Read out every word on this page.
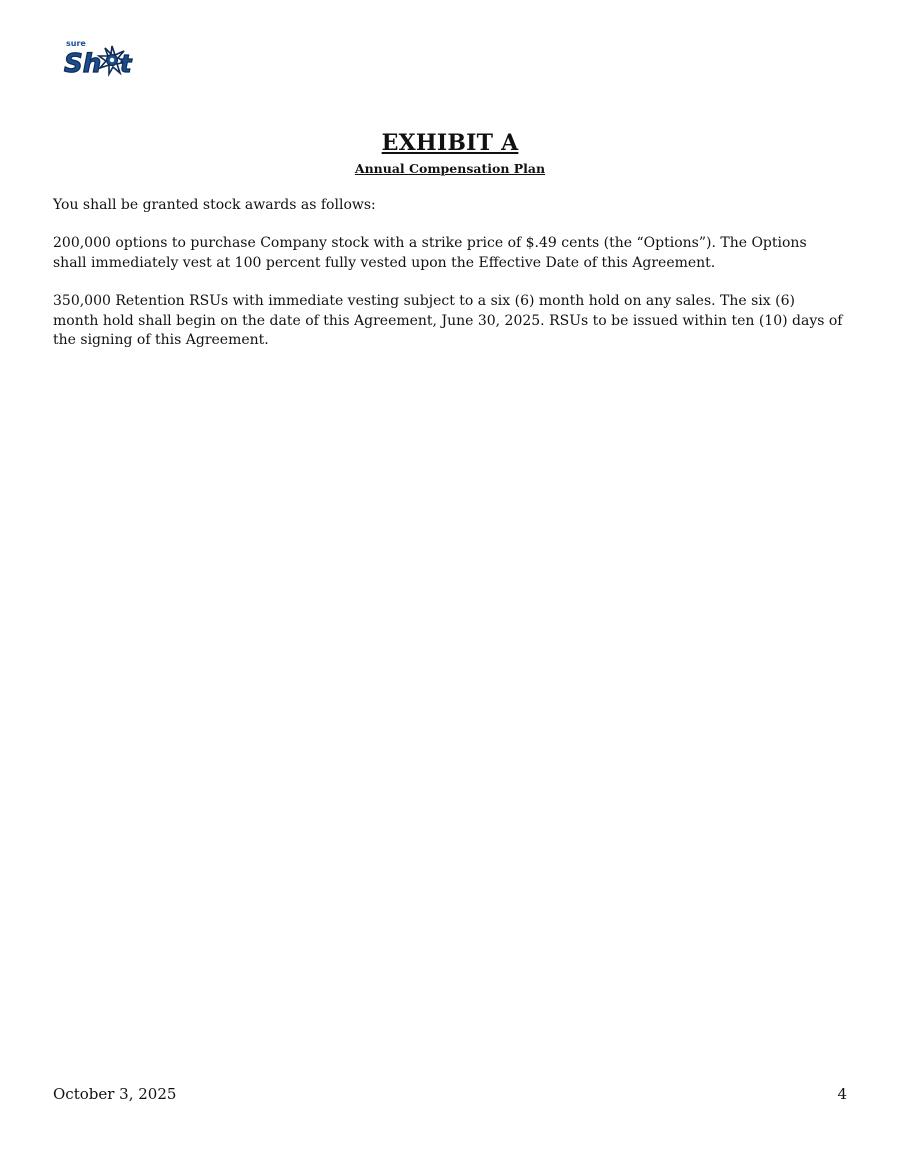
sure
Sh t
Shot
EXHIBIT A
Annual Compensation Plan

You shall be granted stock awards as follows:

200,000 options to purchase Company stock with a strike price of $.49 cents (the “Options”). The Options shall immediately vest at 100 percent fully vested upon the Effective Date of this Agreement.

350,000 Retention RSUs with immediate vesting subject to a six (6) month hold on any sales. The six (6) month hold shall begin on the date of this Agreement, June 30, 2025. RSUs to be issued within ten (10) days of the signing of this Agreement.

October 3, 2025	4
